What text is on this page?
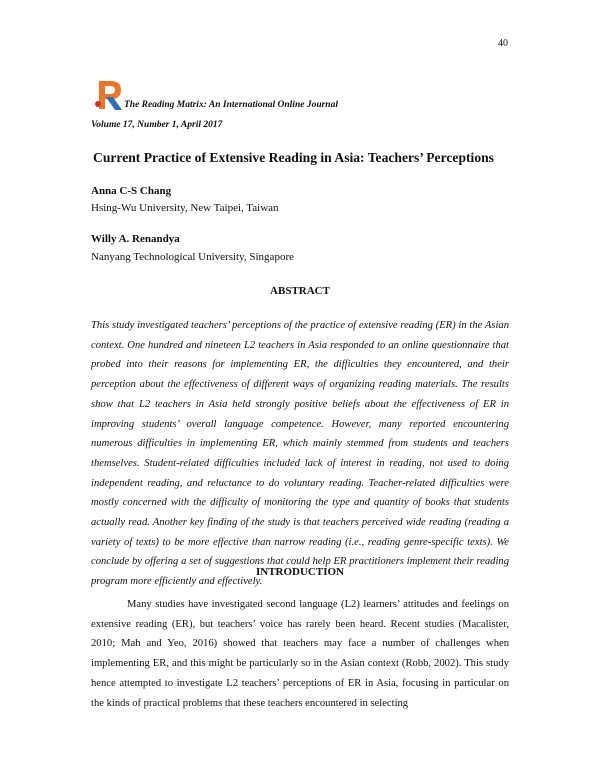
40
The Reading Matrix: An International Online Journal
Volume 17, Number 1, April 2017
Current Practice of Extensive Reading in Asia: Teachers’ Perceptions
Anna C-S Chang
Hsing-Wu University, New Taipei, Taiwan
Willy A. Renandya
Nanyang Technological University, Singapore
ABSTRACT

This study investigated teachers’ perceptions of the practice of extensive reading (ER) in the Asian context. One hundred and nineteen L2 teachers in Asia responded to an online questionnaire that probed into their reasons for implementing ER, the difficulties they encountered, and their perception about the effectiveness of different ways of organizing reading materials. The results show that L2 teachers in Asia held strongly positive beliefs about the effectiveness of ER in improving students’ overall language competence. However, many reported encountering numerous difficulties in implementing ER, which mainly stemmed from students and teachers themselves. Student-related difficulties included lack of interest in reading, not used to doing independent reading, and reluctance to do voluntary reading. Teacher-related difficulties were mostly concerned with the difficulty of monitoring the type and quantity of books that students actually read. Another key finding of the study is that teachers perceived wide reading (reading a variety of texts) to be more effective than narrow reading (i.e., reading genre-specific texts). We conclude by offering a set of suggestions that could help ER practitioners implement their reading program more efficiently and effectively.

INTRODUCTION

Many studies have investigated second language (L2) learners’ attitudes and feelings on extensive reading (ER), but teachers’ voice has rarely been heard. Recent studies (Macalister, 2010; Mah and Yeo, 2016) showed that teachers may face a number of challenges when implementing ER, and this might be particularly so in the Asian context (Robb, 2002). This study hence attempted to investigate L2 teachers’ perceptions of ER in Asia, focusing in particular on the kinds of practical problems that these teachers encountered in selecting
